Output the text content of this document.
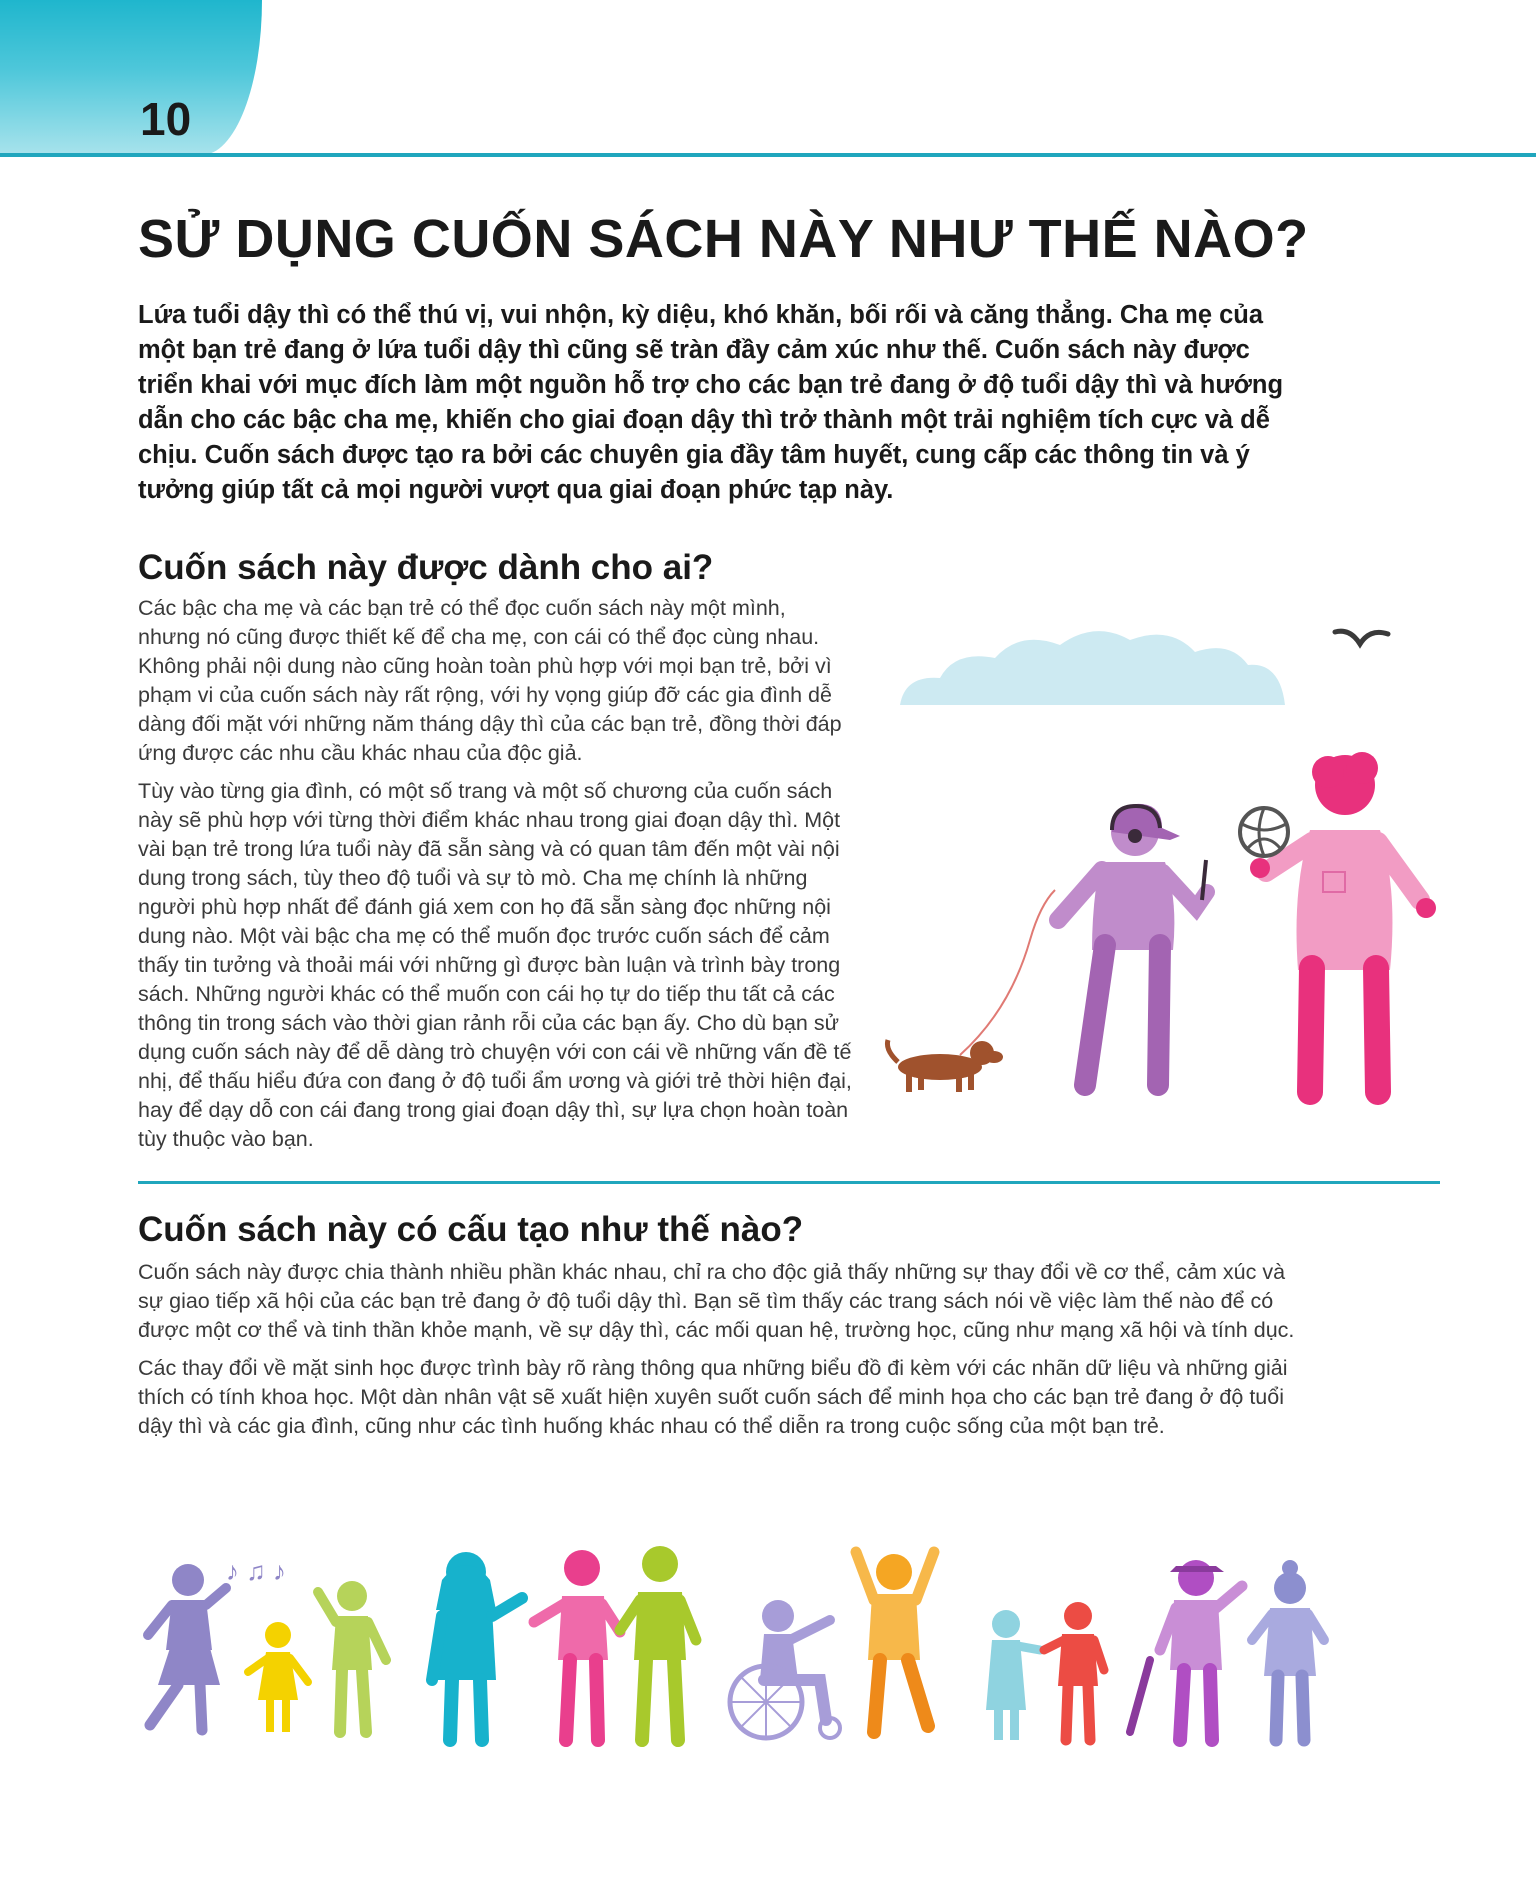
10
SỬ DỤNG CUỐN SÁCH NÀY NHƯ THẾ NÀO?
Lứa tuổi dậy thì có thể thú vị, vui nhộn, kỳ diệu, khó khăn, bối rối và căng thẳng. Cha mẹ của một bạn trẻ đang ở lứa tuổi dậy thì cũng sẽ tràn đầy cảm xúc như thế. Cuốn sách này được triển khai với mục đích làm một nguồn hỗ trợ cho các bạn trẻ đang ở độ tuổi dậy thì và hướng dẫn cho các bậc cha mẹ, khiến cho giai đoạn dậy thì trở thành một trải nghiệm tích cực và dễ chịu. Cuốn sách được tạo ra bởi các chuyên gia đầy tâm huyết, cung cấp các thông tin và ý tưởng giúp tất cả mọi người vượt qua giai đoạn phức tạp này.
Cuốn sách này được dành cho ai?

Các bậc cha mẹ và các bạn trẻ có thể đọc cuốn sách này một mình, nhưng nó cũng được thiết kế để cha mẹ, con cái có thể đọc cùng nhau. Không phải nội dung nào cũng hoàn toàn phù hợp với mọi bạn trẻ, bởi vì phạm vi của cuốn sách này rất rộng, với hy vọng giúp đỡ các gia đình dễ dàng đối mặt với những năm tháng dậy thì của các bạn trẻ, đồng thời đáp ứng được các nhu cầu khác nhau của độc giả.

Tùy vào từng gia đình, có một số trang và một số chương của cuốn sách này sẽ phù hợp với từng thời điểm khác nhau trong giai đoạn dậy thì. Một vài bạn trẻ trong lứa tuổi này đã sẵn sàng và có quan tâm đến một vài nội dung trong sách, tùy theo độ tuổi và sự tò mò. Cha mẹ chính là những người phù hợp nhất để đánh giá xem con họ đã sẵn sàng đọc những nội dung nào. Một vài bậc cha mẹ có thể muốn đọc trước cuốn sách để cảm thấy tin tưởng và thoải mái với những gì được bàn luận và trình bày trong sách. Những người khác có thể muốn con cái họ tự do tiếp thu tất cả các thông tin trong sách vào thời gian rảnh rỗi của các bạn ấy. Cho dù bạn sử dụng cuốn sách này để dễ dàng trò chuyện với con cái về những vấn đề tế nhị, để thấu hiểu đứa con đang ở độ tuổi ẩm ương và giới trẻ thời hiện đại, hay để dạy dỗ con cái đang trong giai đoạn dậy thì, sự lựa chọn hoàn toàn tùy thuộc vào bạn.

Cuốn sách này có cấu tạo như thế nào?

Cuốn sách này được chia thành nhiều phần khác nhau, chỉ ra cho độc giả thấy những sự thay đổi về cơ thể, cảm xúc và sự giao tiếp xã hội của các bạn trẻ đang ở độ tuổi dậy thì. Bạn sẽ tìm thấy các trang sách nói về việc làm thế nào để có được một cơ thể và tinh thần khỏe mạnh, về sự dậy thì, các mối quan hệ, trường học, cũng như mạng xã hội và tính dục.

Các thay đổi về mặt sinh học được trình bày rõ ràng thông qua những biểu đồ đi kèm với các nhãn dữ liệu và những giải thích có tính khoa học. Một dàn nhân vật sẽ xuất hiện xuyên suốt cuốn sách để minh họa cho các bạn trẻ đang ở độ tuổi dậy thì và các gia đình, cũng như các tình huống khác nhau có thể diễn ra trong cuộc sống của một bạn trẻ.

♪ ♫ ♪
